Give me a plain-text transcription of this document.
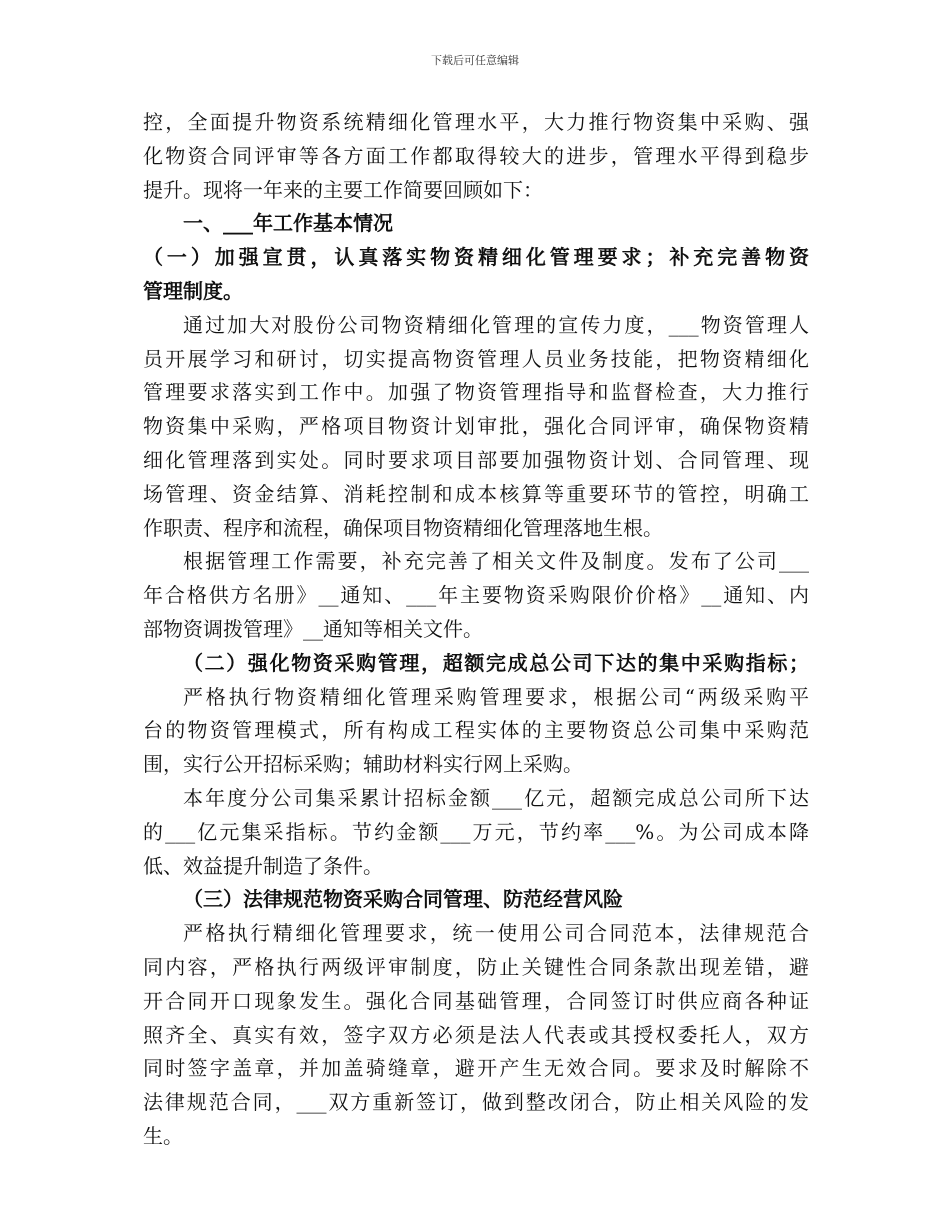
下载后可任意编辑
控，全面提升物资系统精细化管理水平，大力推行物资集中采购、强
化物资合同评审等各方面工作都取得较大的进步，管理水平得到稳步
提升。现将一年来的主要工作简要回顾如下：
一、___年工作基本情况
（一）加强宣贯，认真落实物资精细化管理要求；补充完善物资
管理制度。
通过加大对股份公司物资精细化管理的宣传力度，___物资管理人
员开展学习和研讨，切实提高物资管理人员业务技能，把物资精细化
管理要求落实到工作中。加强了物资管理指导和监督检查，大力推行
物资集中采购，严格项目物资计划审批，强化合同评审，确保物资精
细化管理落到实处。同时要求项目部要加强物资计划、合同管理、现
场管理、资金结算、消耗控制和成本核算等重要环节的管控，明确工
作职责、程序和流程，确保项目物资精细化管理落地生根。
根据管理工作需要，补充完善了相关文件及制度。发布了公司___
年合格供方名册》__通知、___年主要物资采购限价价格》__通知、内
部物资调拨管理》__通知等相关文件。
（二）强化物资采购管理，超额完成总公司下达的集中采购指标；
严格执行物资精细化管理采购管理要求，根据公司“两级采购平
台的物资管理模式，所有构成工程实体的主要物资总公司集中采购范
围，实行公开招标采购；辅助材料实行网上采购。
本年度分公司集采累计招标金额___亿元，超额完成总公司所下达
的___亿元集采指标。节约金额___万元，节约率___%。为公司成本降
低、效益提升制造了条件。
（三）法律规范物资采购合同管理、防范经营风险
严格执行精细化管理要求，统一使用公司合同范本，法律规范合
同内容，严格执行两级评审制度，防止关键性合同条款出现差错，避
开合同开口现象发生。强化合同基础管理，合同签订时供应商各种证
照齐全、真实有效，签字双方必须是法人代表或其授权委托人，双方
同时签字盖章，并加盖骑缝章，避开产生无效合同。要求及时解除不
法律规范合同，___双方重新签订，做到整改闭合，防止相关风险的发
生。
